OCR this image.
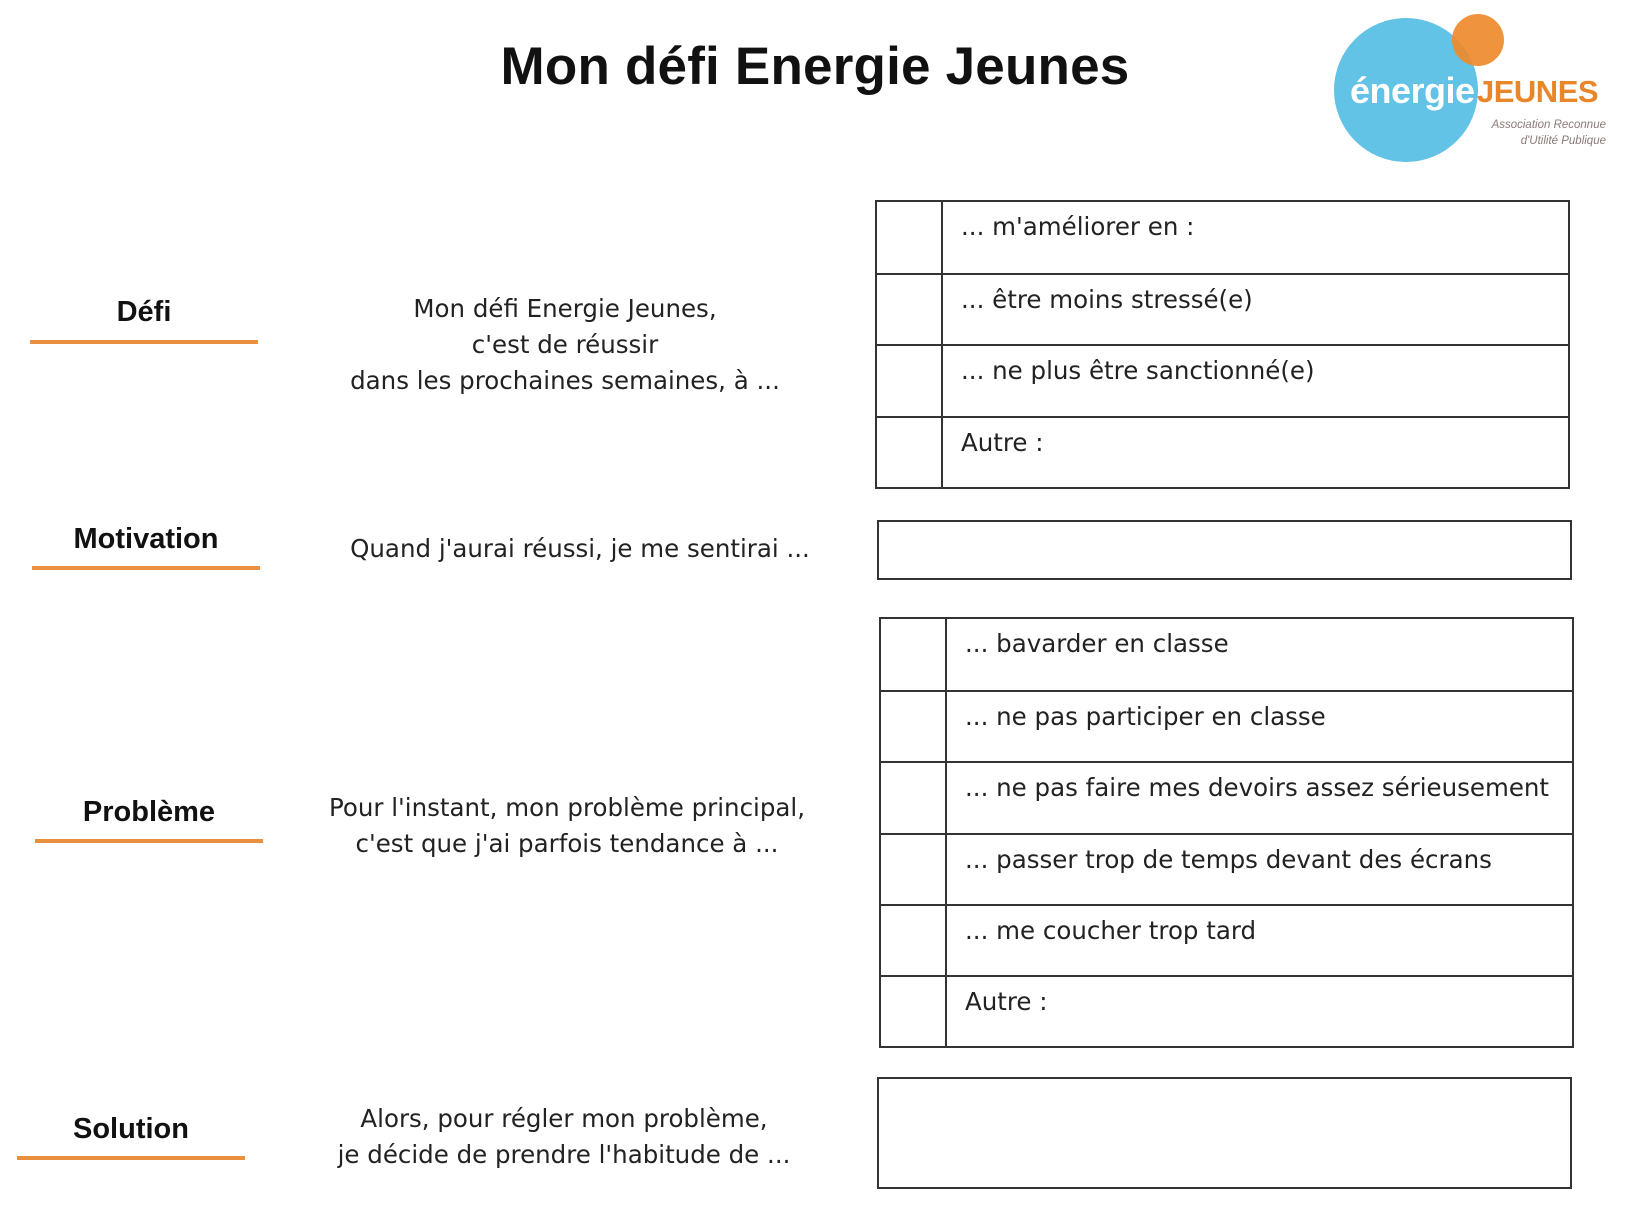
Mon défi Energie Jeunes	énergie JEUNES
Association Reconnue
d'Utilité Publique
Défi	Mon défi Energie Jeunes,
c'est de réussir
dans les prochaines semaines, à ...
... m'améliorer en :
... être moins stressé(e)
... ne plus être sanctionné(e)
Autre :
Motivation	Quand j'aurai réussi, je me sentirai ...
Problème	Pour l'instant, mon problème principal,
c'est que j'ai parfois tendance à ...
... bavarder en classe
... ne pas participer en classe
... ne pas faire mes devoirs assez sérieusement
... passer trop de temps devant des écrans
... me coucher trop tard
Autre :
Solution	Alors, pour régler mon problème,
je décide de prendre l'habitude de ...
